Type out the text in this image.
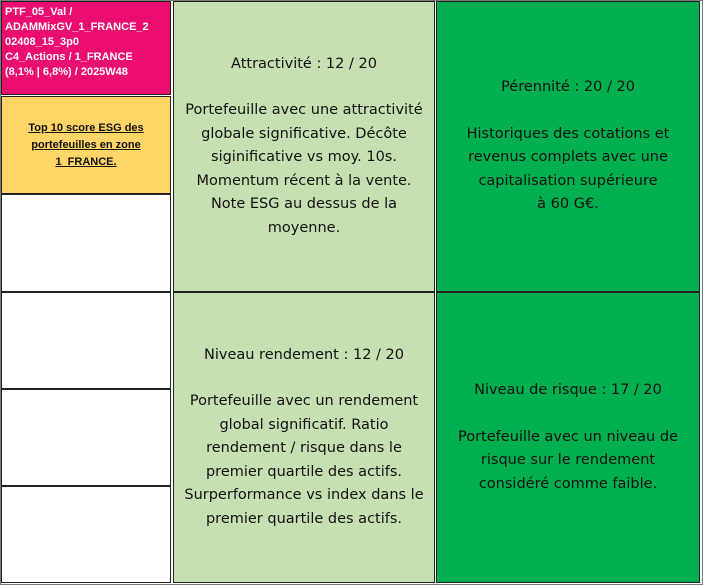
PTF_05_Val /
ADAMMixGV_1_FRANCE_2
02408_15_3p0
C4_Actions / 1_FRANCE
(8,1% | 6,8%) / 2025W48
Top 10 score ESG des portefeuilles en zone 1_FRANCE.
Attractivité : 12 / 20
Portefeuille avec une attractivité
globale significative. Décôte
siginificative vs moy. 10s.
Momentum récent à la vente.
Note ESG au dessus de la
moyenne.
Pérennité : 20 / 20
Historiques des cotations et
revenus complets avec une
capitalisation supérieure
à 60 G€.
Niveau rendement : 12 / 20
Portefeuille avec un rendement
global significatif. Ratio
rendement / risque dans le
premier quartile des actifs.
Surperformance vs index dans le
premier quartile des actifs.
Niveau de risque : 17 / 20
Portefeuille avec un niveau de
risque sur le rendement
considéré comme faible.
